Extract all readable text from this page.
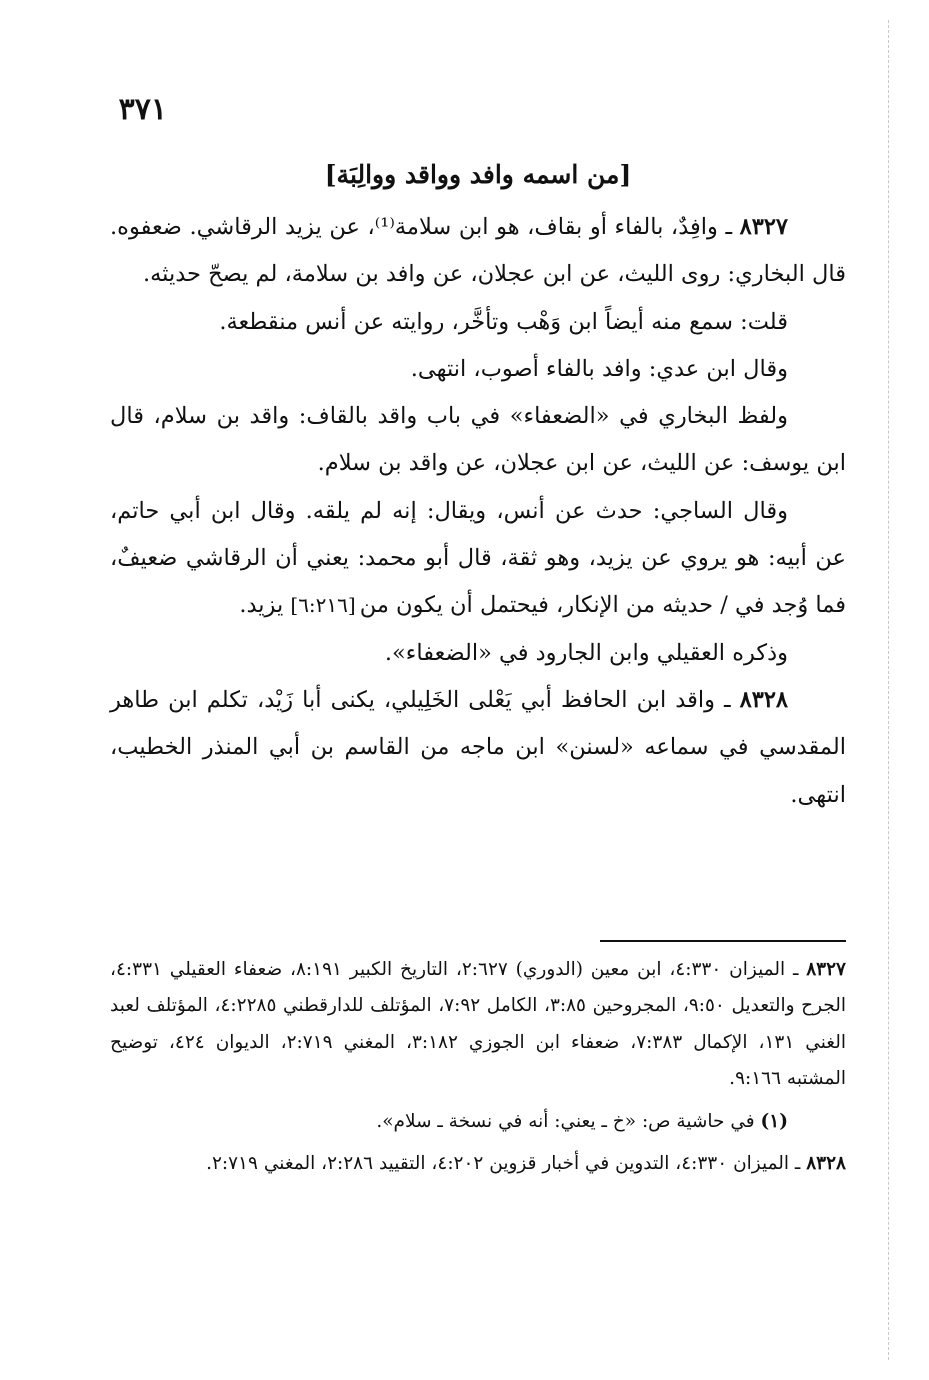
٣٧١
[من اسمه وافد وواقد ووالِبَة]

٨٣٢٧ ـ وافِدٌ، بالفاء أو بقاف، هو ابن سلامة⁽¹⁾، عن يزيد الرقاشي. ضعفوه. قال البخاري: روى الليث، عن ابن عجلان، عن وافد بن سلامة، لم يصحّ حديثه.

قلت: سمع منه أيضاً ابن وَهْب وتأخَّر، روايته عن أنس منقطعة.

وقال ابن عدي: وافد بالفاء أصوب، انتهى.

ولفظ البخاري في «الضعفاء» في باب واقد بالقاف: واقد بن سلام، قال ابن يوسف: عن الليث، عن ابن عجلان، عن واقد بن سلام.

وقال الساجي: حدث عن أنس، ويقال: إنه لم يلقه. وقال ابن أبي حاتم، عن أبيه: هو يروي عن يزيد، وهو ثقة، قال أبو محمد: يعني أن الرقاشي ضعيفٌ، فما وُجد في / حديثه من الإنكار، فيحتمل أن يكون من[٦:٢١٦] يزيد.

وذكره العقيلي وابن الجارود في «الضعفاء».

٨٣٢٨ ـ واقد ابن الحافظ أبي يَعْلى الخَلِيلي، يكنى أبا زَيْد، تكلم ابن طاهر المقدسي في سماعه «لسنن» ابن ماجه من القاسم بن أبي المنذر الخطيب، انتهى.

٨٣٢٧ ـ الميزان ٤:٣٣٠، ابن معين (الدوري) ٢:٦٢٧، التاريخ الكبير ٨:١٩١، ضعفاء العقيلي ٤:٣٣١، الجرح والتعديل ٩:٥٠، المجروحين ٣:٨٥، الكامل ٧:٩٢، المؤتلف للدارقطني ٤:٢٢٨٥، المؤتلف لعبد الغني ١٣١، الإكمال ٧:٣٨٣، ضعفاء ابن الجوزي ٣:١٨٢، المغني ٢:٧١٩، الديوان ٤٢٤، توضيح المشتبه ٩:١٦٦.

(١) في حاشية ص: «خ ـ يعني: أنه في نسخة ـ سلام».

٨٣٢٨ ـ الميزان ٤:٣٣٠، التدوين في أخبار قزوين ٤:٢٠٢، التقييد ٢:٢٨٦، المغني ٢:٧١٩.
